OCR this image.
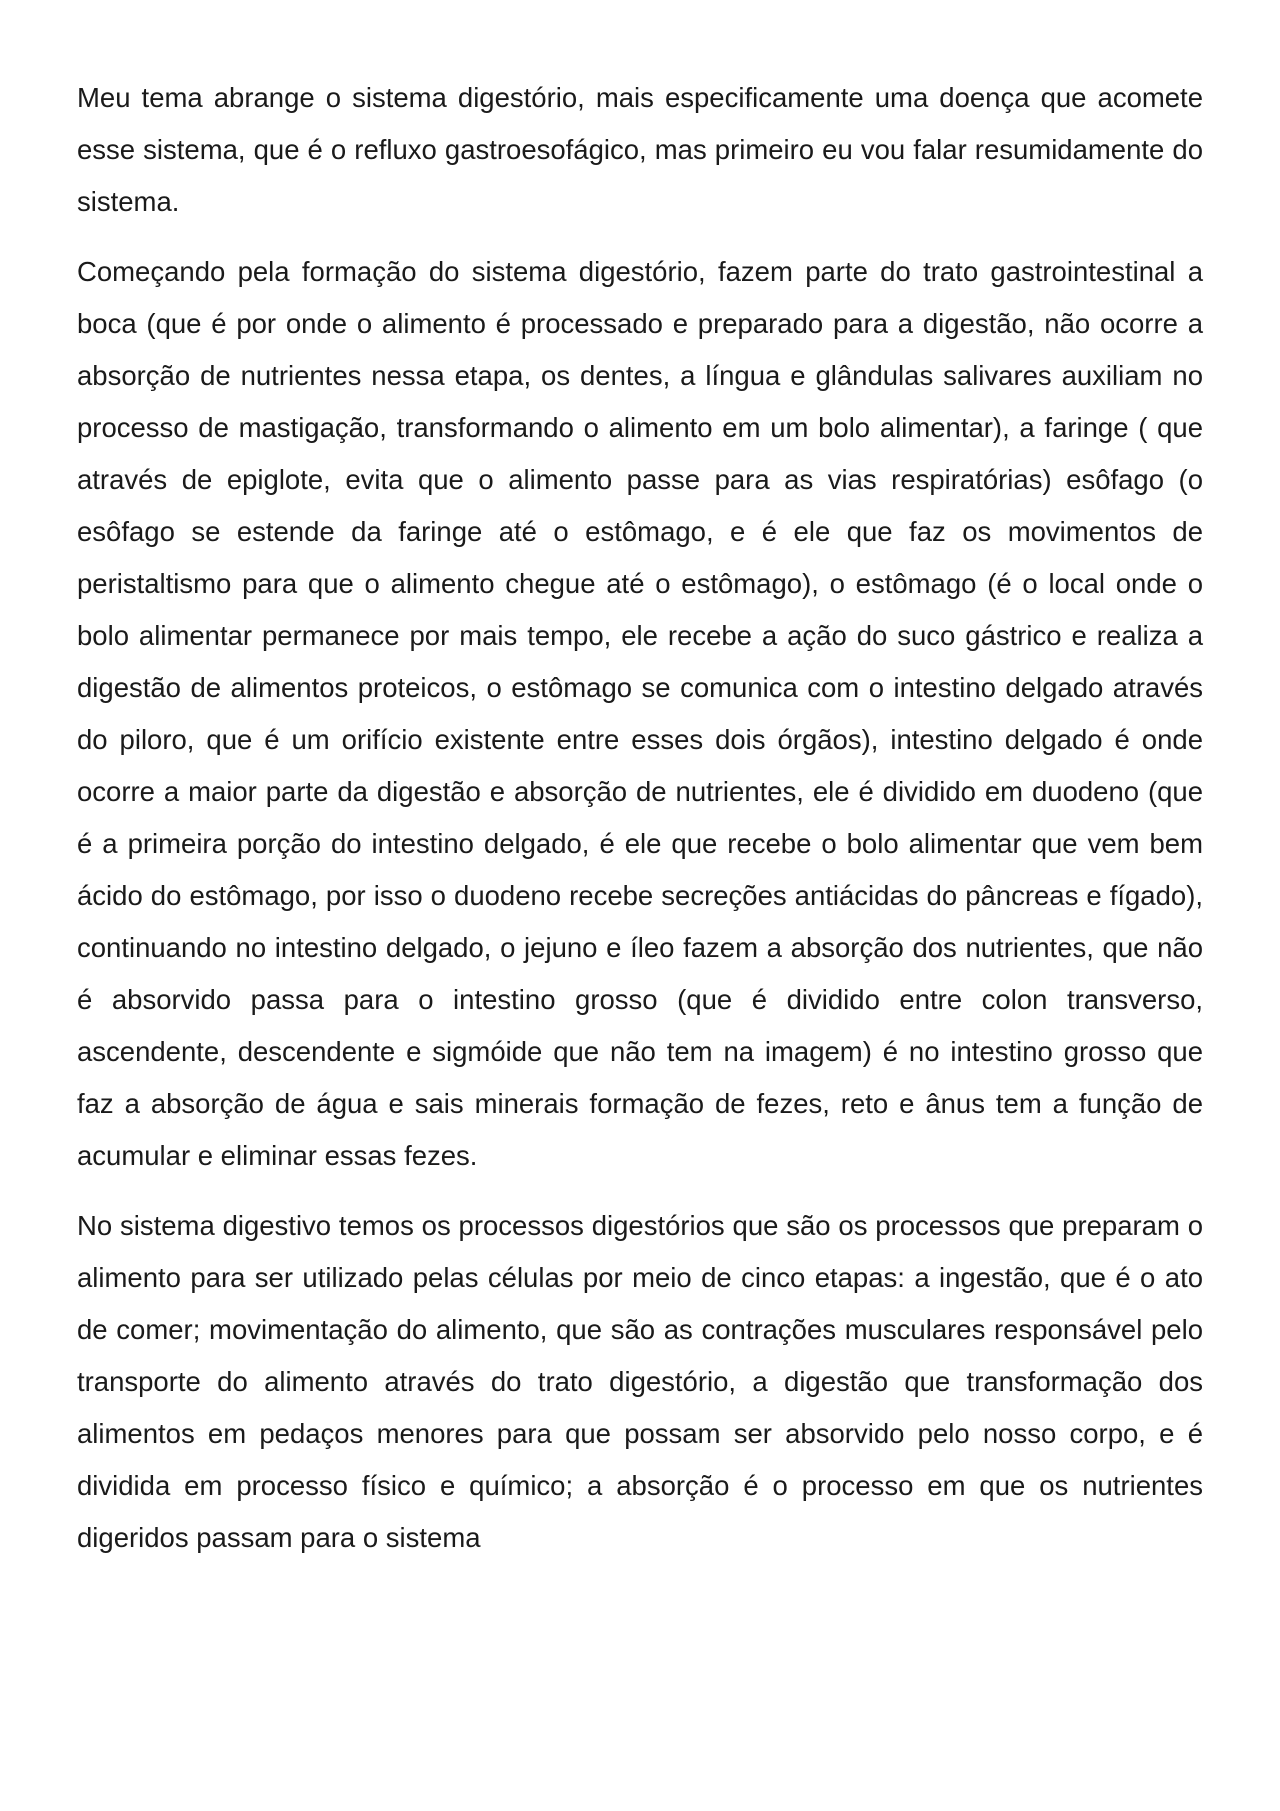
Meu tema abrange o sistema digestório, mais especificamente uma doença que acomete esse sistema, que é o refluxo gastroesofágico, mas primeiro eu vou falar resumidamente do sistema.

Começando pela formação do sistema digestório, fazem parte do trato gastrointestinal a boca (que é por onde o alimento é processado e preparado para a digestão, não ocorre a absorção de nutrientes nessa etapa, os dentes, a língua e glândulas salivares auxiliam no processo de mastigação, transformando o alimento em um bolo alimentar), a faringe ( que através de epiglote, evita que o alimento passe para as vias respiratórias) esôfago (o esôfago se estende da faringe até o estômago, e é ele que faz os movimentos de peristaltismo para que o alimento chegue até o estômago), o estômago (é o local onde o bolo alimentar permanece por mais tempo, ele recebe a ação do suco gástrico e realiza a digestão de alimentos proteicos, o estômago se comunica com o intestino delgado através do piloro, que é um orifício existente entre esses dois órgãos), intestino delgado é onde ocorre a maior parte da digestão e absorção de nutrientes, ele é dividido em duodeno (que é a primeira porção do intestino delgado, é ele que recebe o bolo alimentar que vem bem ácido do estômago, por isso o duodeno recebe secreções antiácidas do pâncreas e fígado), continuando no intestino delgado, o jejuno e íleo fazem a absorção dos nutrientes, que não é absorvido passa para o intestino grosso (que é dividido entre colon transverso, ascendente, descendente e sigmóide que não tem na imagem) é no intestino grosso que faz a absorção de água e sais minerais formação de fezes, reto e ânus tem a função de acumular e eliminar essas fezes.

No sistema digestivo temos os processos digestórios que são os processos que preparam o alimento para ser utilizado pelas células por meio de cinco etapas: a ingestão, que é o ato de comer; movimentação do alimento, que são as contrações musculares responsável pelo transporte do alimento através do trato digestório, a digestão que transformação dos alimentos em pedaços menores para que possam ser absorvido pelo nosso corpo, e é dividida em processo físico e químico; a absorção é o processo em que os nutrientes digeridos passam para o sistema
